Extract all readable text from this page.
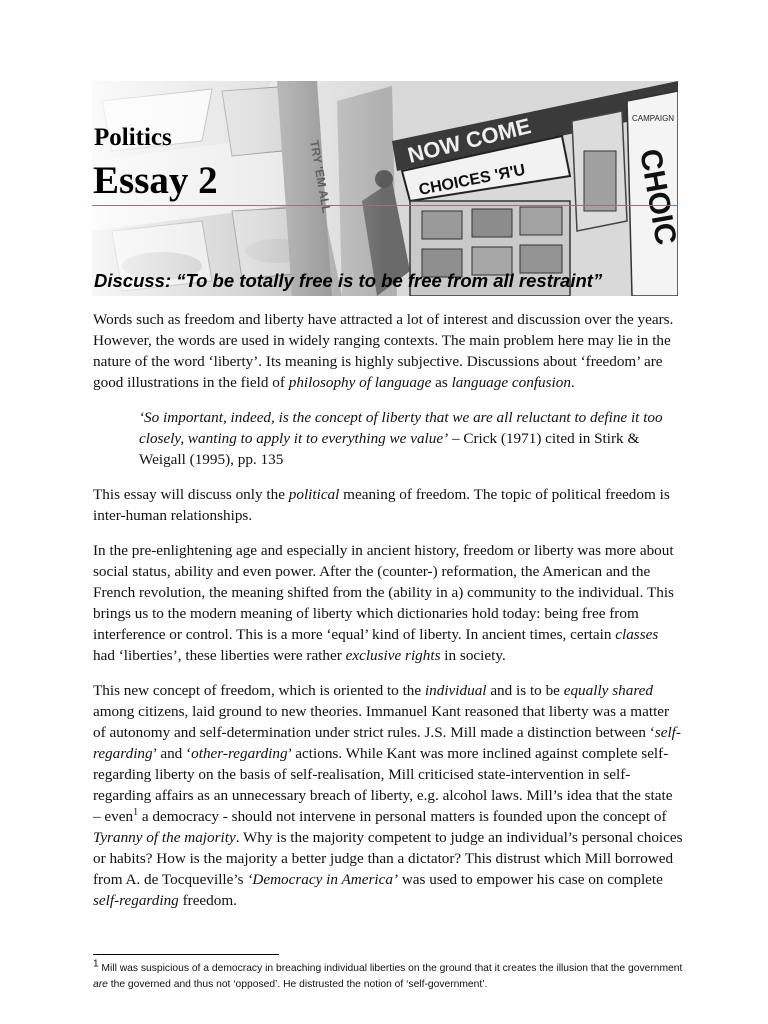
Politics
Essay 2
Discuss: “To be totally free is to be free from all restraint”

Words such as freedom and liberty have attracted a lot of interest and discussion over the years. However, the words are used in widely ranging contexts. The main problem here may lie in the nature of the word ‘liberty’. Its meaning is highly subjective. Discussions about ‘freedom’ are good illustrations in the field of philosophy of language as language confusion.

‘So important, indeed, is the concept of liberty that we are all reluctant to define it too closely, wanting to apply it to everything we value’ – Crick (1971) cited in Stirk & Weigall (1995), pp. 135

This essay will discuss only the political meaning of freedom. The topic of political freedom is inter-human relationships.

In the pre-enlightening age and especially in ancient history, freedom or liberty was more about social status, ability and even power. After the (counter-) reformation, the American and the French revolution, the meaning shifted from the (ability in a) community to the individual. This brings us to the modern meaning of liberty which dictionaries hold today: being free from interference or control. This is a more ‘equal’ kind of liberty. In ancient times, certain classes had ‘liberties’, these liberties were rather exclusive rights in society.

This new concept of freedom, which is oriented to the individual and is to be equally shared among citizens, laid ground to new theories. Immanuel Kant reasoned that liberty was a matter of autonomy and self-determination under strict rules. J.S. Mill made a distinction between ‘self-regarding’ and ‘other-regarding’ actions. While Kant was more inclined against complete self-regarding liberty on the basis of self-realisation, Mill criticised state-intervention in self-regarding affairs as an unnecessary breach of liberty, e.g. alcohol laws. Mill’s idea that the state – even$^1$ a democracy - should not intervene in personal matters is founded upon the concept of Tyranny of the majority. Why is the majority competent to judge an individual’s personal choices or habits? How is the majority a better judge than a dictator? This distrust which Mill borrowed from A. de Tocqueville’s ‘Democracy in America’ was used to empower his case on complete self-regarding freedom.

1 Mill was suspicious of a democracy in breaching individual liberties on the ground that it creates the illusion that the government are the governed and thus not ‘opposed’. He distrusted the notion of ‘self-government’.
